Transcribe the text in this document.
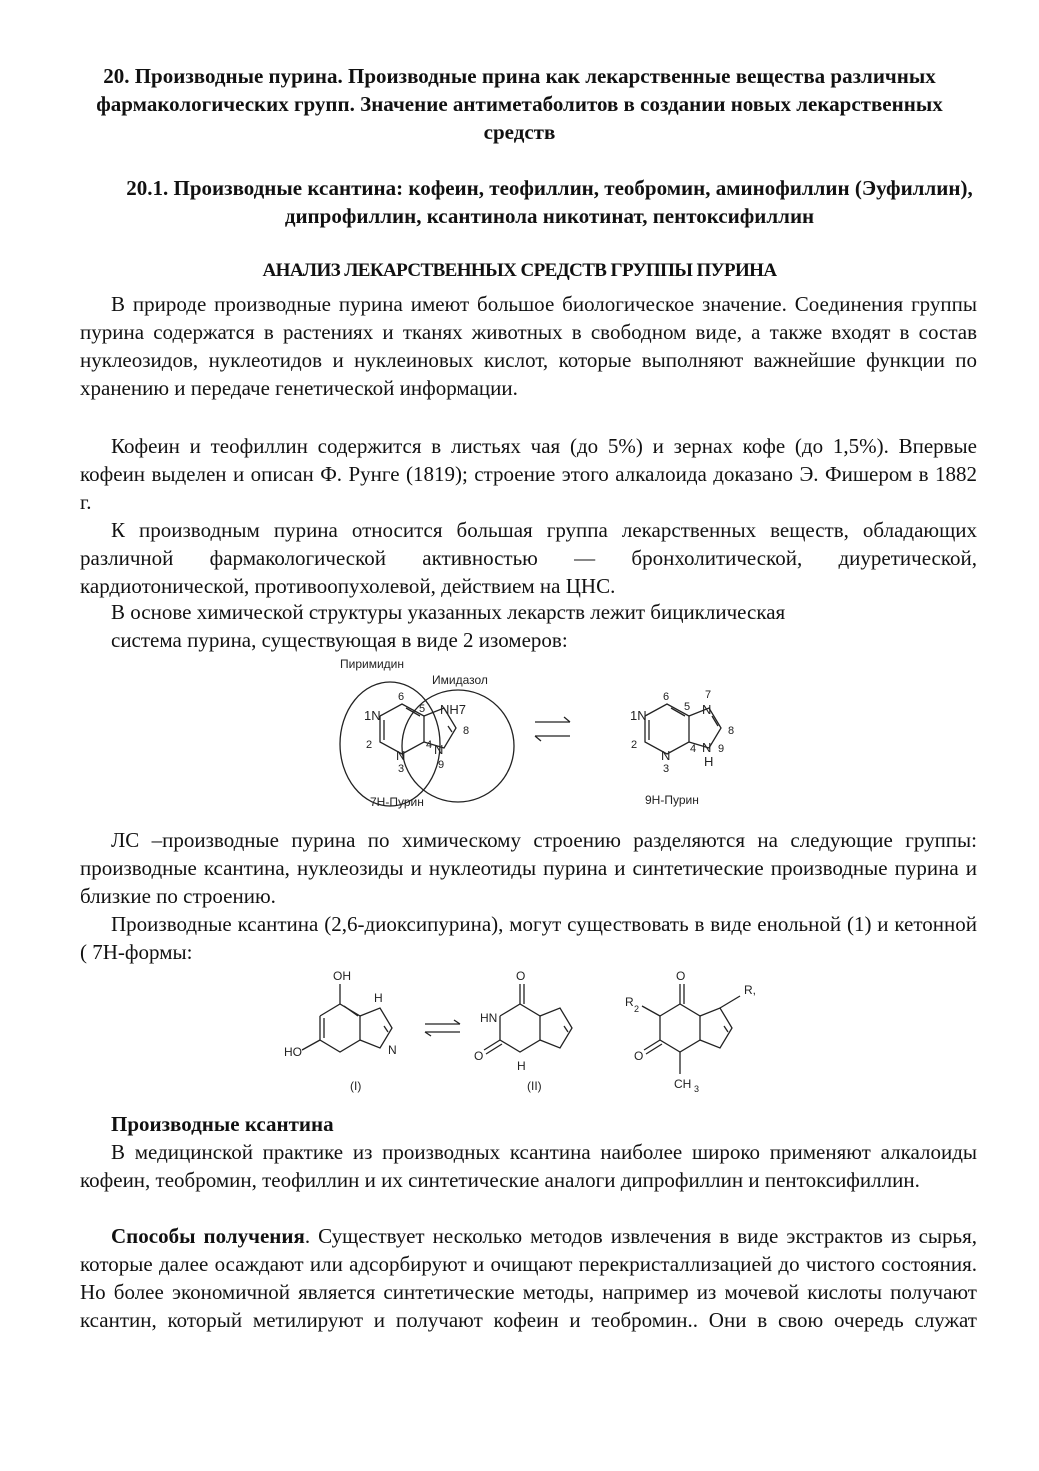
20. Производные пурина. Производные прина как лекарственные вещества различных фармакологических групп. Значение антиметаболитов в создании новых лекарственных средств
20.1. Производные ксантина: кофеин, теофиллин, теобромин, аминофиллин (Эуфиллин), дипрофиллин, ксантинола никотинат, пентоксифиллин
АНАЛИЗ ЛЕКАРСТВЕННЫХ СРЕДСТВ ГРУППЫ ПУРИНА

В природе производные пурина имеют большое биологическое значение. Соединения группы пурина содержатся в растениях и тканях животных в свободном виде, а также входят в состав нуклеозидов, нуклеотидов и нуклеиновых кислот, которые выполняют важнейшие функции по хранению и передаче генетической информации.

Кофеин и теофиллин содержится в листьях чая (до 5%) и зернах кофе (до 1,5%). Впервые кофеин выделен и описан Ф. Рунге (1819); строение этого алкалоида доказано Э. Фишером в 1882 г.

К производным пурина относится большая группа лекарственных веществ, обладающих различной фармакологической активностью — бронхолитической, диуретической, кардиотонической, противоопухолевой, действием на ЦНС.

В основе химической структуры указанных лекарств лежит бициклическая

система пурина, существующая в виде 2 изомеров:

Пиримидин
Имидазол
7Н-Пурин	9Н-Пурин
1N
2
6
5 NH7
8
N
9
4
N
3
1N
2
6
5 N
7
8
N 9
H
4
N
3

ЛС –производные пурина по химическому строению разделяются на следующие группы: производные ксантина, нуклеозиды и нуклеотиды пурина и синтетические производные пурина и близкие по строению.

Производные ксантина (2,6-диоксипурина), могут существовать в виде енольной (1) и кетонной ( 7Н-формы:

OH
HO
H
N
(I)
O
HN
O
H
(II)
O
R 2
R,
O
CH 3

Производные ксантина

В медицинской практике из производных ксантина наиболее широко применяют алкалоиды кофеин, теобромин, теофиллин и их синтетические аналоги дипрофиллин и пентоксифиллин.

Способы получения. Существует несколько методов извлечения в виде экстрактов из сырья, которые далее осаждают или адсорбируют и очищают перекристаллизацией до чистого состояния. Но более экономичной является синтетические методы, например из мочевой кислоты получают ксантин, который метилируют и получают кофеин и теобромин.. Они в свою очередь служат
